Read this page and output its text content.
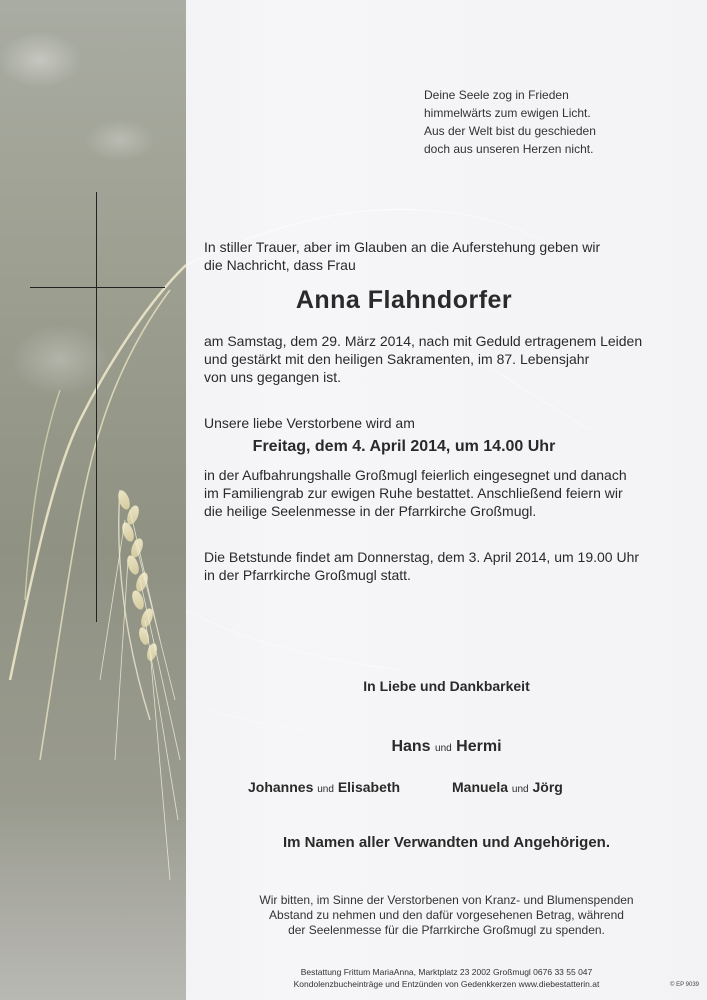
Deine Seele zog in Frieden
himmelwärts zum ewigen Licht.
Aus der Welt bist du geschieden
doch aus unseren Herzen nicht.
In stiller Trauer, aber im Glauben an die Auferstehung geben wir
die Nachricht, dass Frau
Anna Flahndorfer
am Samstag, dem 29. März 2014, nach mit Geduld ertragenem Leiden
und gestärkt mit den heiligen Sakramenten, im 87. Lebensjahr
von uns gegangen ist.
Unsere liebe Verstorbene wird am
Freitag, dem 4. April 2014, um 14.00 Uhr
in der Aufbahrungshalle Großmugl feierlich eingesegnet und danach
im Familiengrab zur ewigen Ruhe bestattet. Anschließend feiern wir
die heilige Seelenmesse in der Pfarrkirche Großmugl.
Die Betstunde findet am Donnerstag, dem 3. April 2014, um 19.00 Uhr
in der Pfarrkirche Großmugl statt.
In Liebe und Dankbarkeit
Hans und Hermi
Johannes und Elisabeth	Manuela und Jörg
Im Namen aller Verwandten und Angehörigen.
Wir bitten, im Sinne der Verstorbenen von Kranz- und Blumenspenden
Abstand zu nehmen und den dafür vorgesehenen Betrag, während
der Seelenmesse für die Pfarrkirche Großmugl zu spenden.
Bestattung Frittum MariaAnna, Marktplatz 23 2002 Großmugl 0676 33 55 047
Kondolenzbucheinträge und Entzünden von Gedenkkerzen www.diebestatterin.at	© EP 9039
